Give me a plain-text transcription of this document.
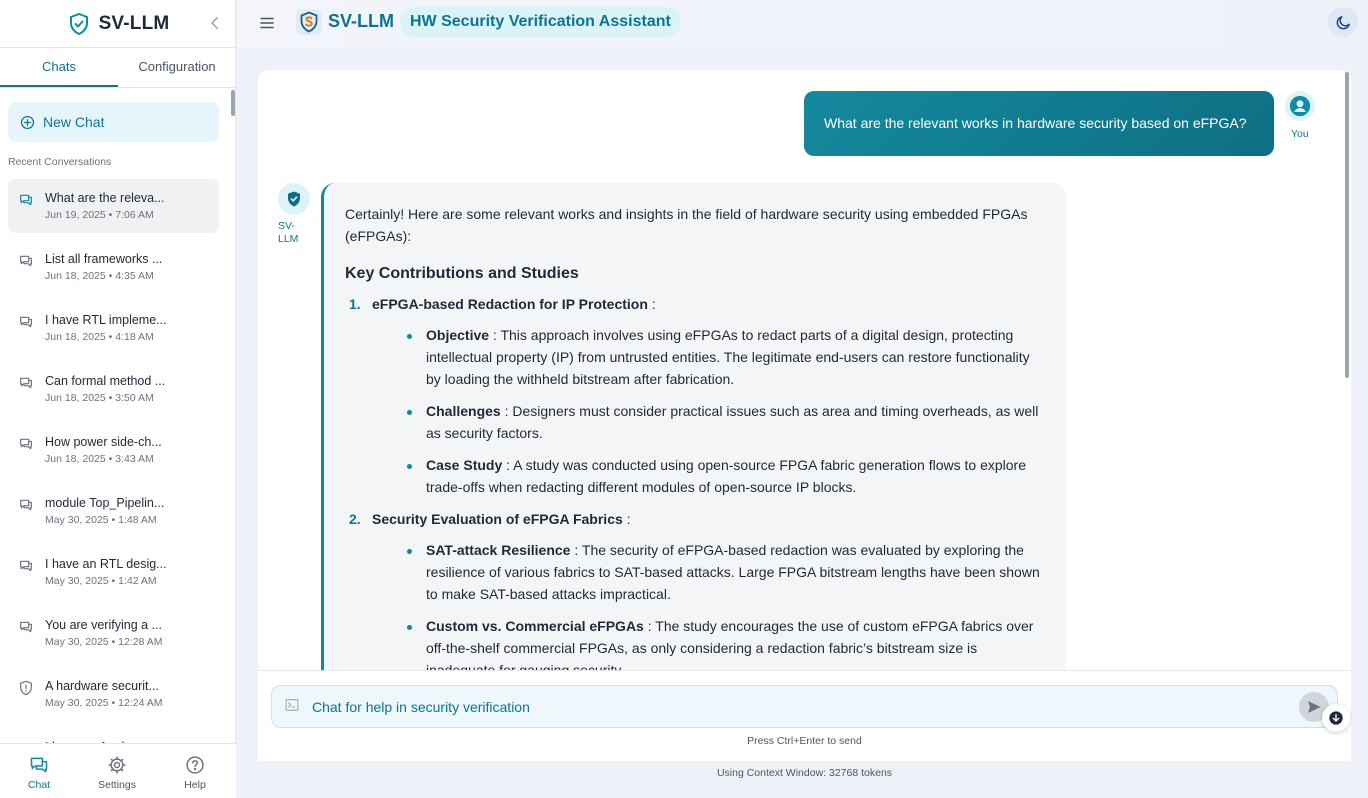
SV-LLM
Chats	Configuration
New Chat
Recent Conversations
What are the releva...
Jun 19, 2025 • 7:06 AM
List all frameworks ...
Jun 18, 2025 • 4:35 AM
I have RTL impleme...
Jun 18, 2025 • 4:18 AM
Can formal method ...
Jun 18, 2025 • 3:50 AM
How power side-ch...
Jun 18, 2025 • 3:43 AM
module Top_Pipelin...
May 30, 2025 • 1:48 AM
I have an RTL desig...
May 30, 2025 • 1:42 AM
You are verifying a ...
May 30, 2025 • 12:28 AM
A hardware securit...
May 30, 2025 • 12:24 AM
Chat	Settings	Help
SV-LLM	HW Security Verification Assistant
What are the relevant works in hardware security based on eFPGA?
You
SV-LLM
Certainly! Here are some relevant works and insights in the field of hardware security using embedded FPGAs (eFPGAs):
Key Contributions and Studies
1. eFPGA-based Redaction for IP Protection :
Objective : This approach involves using eFPGAs to redact parts of a digital design, protecting intellectual property (IP) from untrusted entities. The legitimate end-users can restore functionality by loading the withheld bitstream after fabrication.
Challenges : Designers must consider practical issues such as area and timing overheads, as well as security factors.
Case Study : A study was conducted using open-source FPGA fabric generation flows to explore trade-offs when redacting different modules of open-source IP blocks.
2. Security Evaluation of eFPGA Fabrics :
SAT-attack Resilience : The security of eFPGA-based redaction was evaluated by exploring the resilience of various fabrics to SAT-based attacks. Large FPGA bitstream lengths have been shown to make SAT-based attacks impractical.
Custom vs. Commercial eFPGAs : The study encourages the use of custom eFPGA fabrics over off-the-shelf commercial FPGAs, as only considering a redaction fabric’s bitstream size is
Chat for help in security verification
Press Ctrl+Enter to send
Using Context Window: 32768 tokens
